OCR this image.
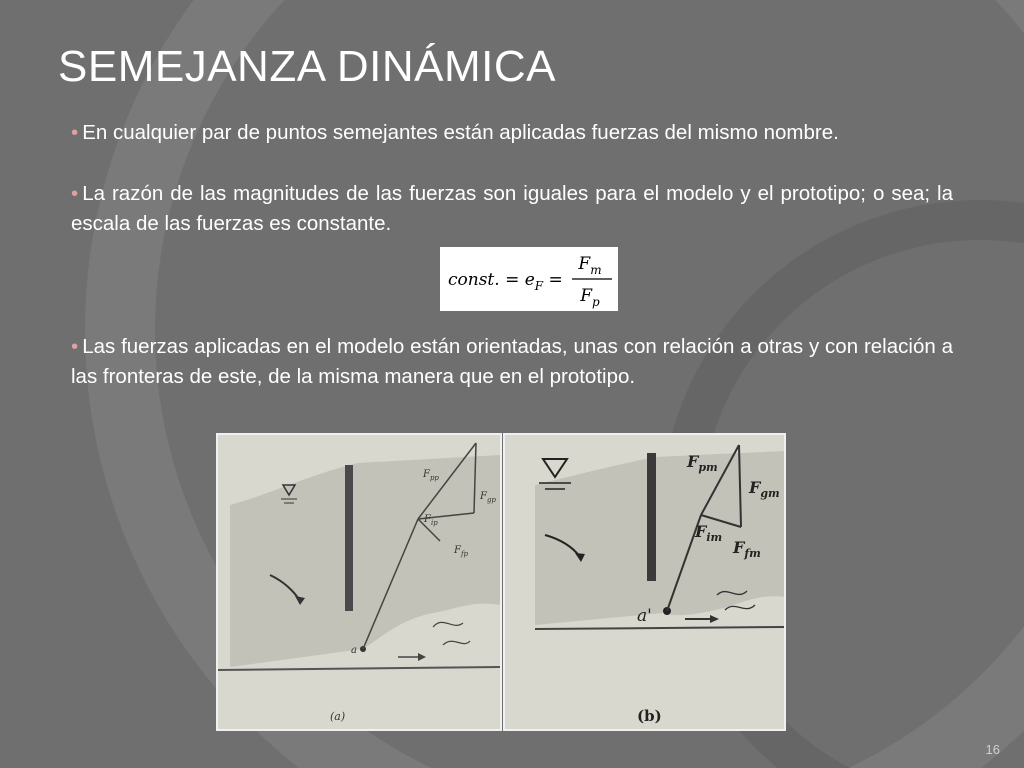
SEMEJANZA DINÁMICA
• En cualquier par de puntos semejantes están aplicadas fuerzas del mismo nombre.
• La razón de las magnitudes de las fuerzas son iguales para el modelo y el prototipo; o sea; la escala de las fuerzas es constante.
const. = $e_F$ =
$F_m$
$F_p$
• Las fuerzas aplicadas en el modelo están orientadas, unas con relación a otras y con relación a las fronteras de este, de la misma manera que en el prototipo.
a
$F_{pp}$
$F_{gp}$
$F_{ip}$
$F_{fp}$
(a)
a'
$F_{pm}$
$F_{gm}$
$F_{im}$
$F_{fm}$
(b)
16
